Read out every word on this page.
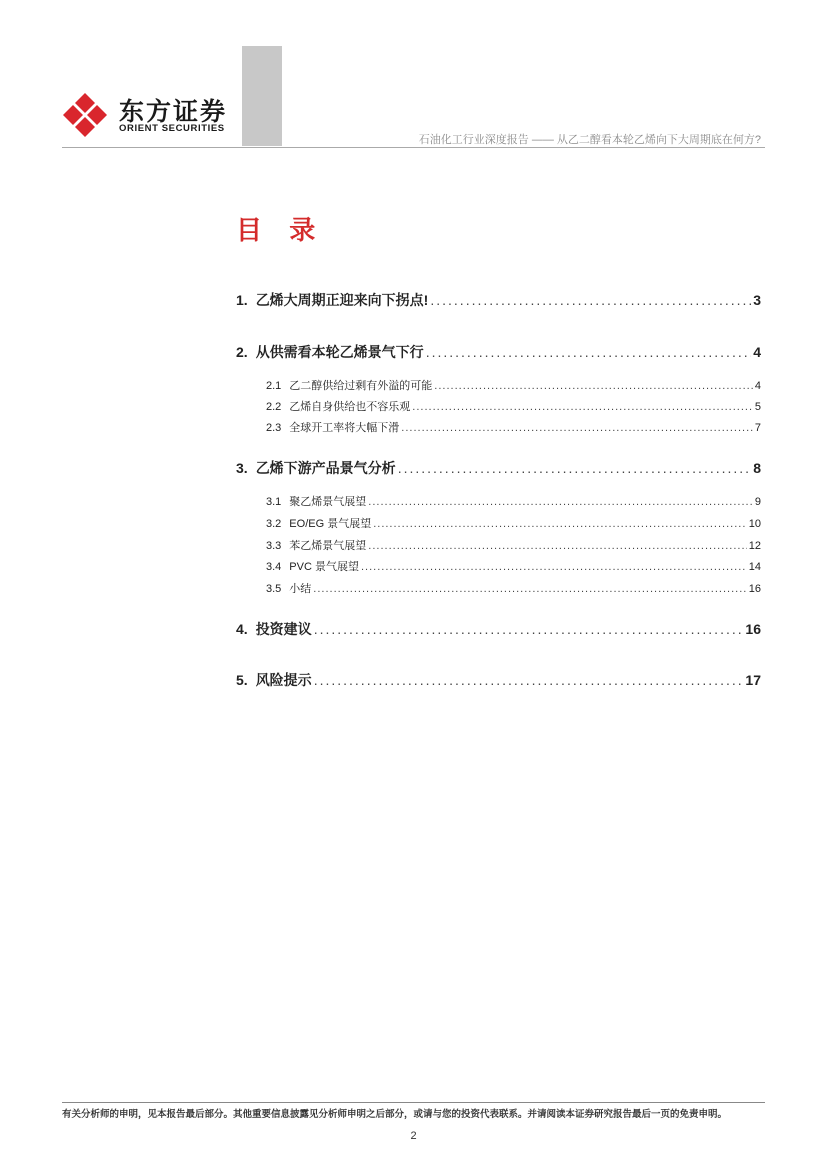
东方证券
ORIENT SECURITIES
石油化工行业深度报告 —— 从乙二醇看本轮乙烯向下大周期底在何方?
目 录
1. 乙烯大周期正迎来向下拐点! .....	3
2. 从供需看本轮乙烯景气下行 .....	4
2.1 乙二醇供给过剩有外溢的可能 .....	4
2.2 乙烯自身供给也不容乐观 .....	5
2.3 全球开工率将大幅下滑 .....	7
3. 乙烯下游产品景气分析 .....	8
3.1 聚乙烯景气展望 .....	9
3.2 EO/EG 景气展望 .....	10
3.3 苯乙烯景气展望 .....	12
3.4 PVC 景气展望 .....	14
3.5 小结 .....	16
4. 投资建议 .....	16
5. 风险提示 .....	17
有关分析师的申明，见本报告最后部分。其他重要信息披露见分析师申明之后部分，或请与您的投资代表联系。并请阅读本证券研究报告最后一页的免责申明。
2
